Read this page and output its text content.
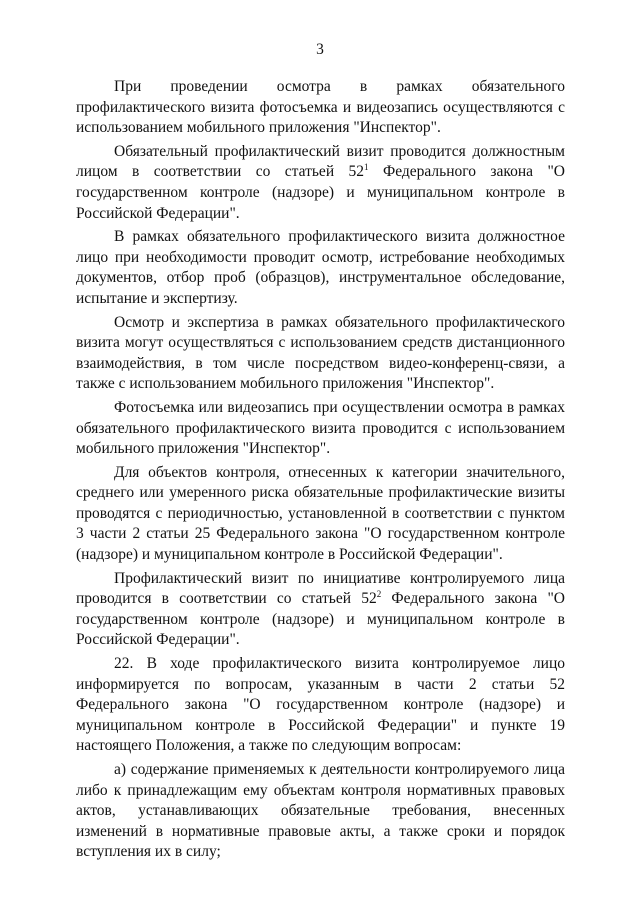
3

При проведении осмотра в рамках обязательного профилактического визита фотосъемка и видеозапись осуществляются с использованием мобильного приложения "Инспектор".

Обязательный профилактический визит проводится должностным лицом в соответствии со статьей $52^1$ Федерального закона "О государственном контроле (надзоре) и муниципальном контроле в Российской Федерации".

В рамках обязательного профилактического визита должностное лицо при необходимости проводит осмотр, истребование необходимых документов, отбор проб (образцов), инструментальное обследование, испытание и экспертизу.

Осмотр и экспертиза в рамках обязательного профилактического визита могут осуществляться с использованием средств дистанционного взаимодействия, в том числе посредством видео-конференц-связи, а также с использованием мобильного приложения "Инспектор".

Фотосъемка или видеозапись при осуществлении осмотра в рамках обязательного профилактического визита проводится с использованием мобильного приложения "Инспектор".

Для объектов контроля, отнесенных к категории значительного, среднего или умеренного риска обязательные профилактические визиты проводятся с периодичностью, установленной в соответствии с пунктом 3 части 2 статьи 25 Федерального закона "О государственном контроле (надзоре) и муниципальном контроле в Российской Федерации".

Профилактический визит по инициативе контролируемого лица проводится в соответствии со статьей $52^2$ Федерального закона "О государственном контроле (надзоре) и муниципальном контроле в Российской Федерации".

22. В ходе профилактического визита контролируемое лицо информируется по вопросам, указанным в части 2 статьи 52 Федерального закона "О государственном контроле (надзоре) и муниципальном контроле в Российской Федерации" и пункте 19 настоящего Положения, а также по следующим вопросам:

а) содержание применяемых к деятельности контролируемого лица либо к принадлежащим ему объектам контроля нормативных правовых актов, устанавливающих обязательные требования, внесенных изменений в нормативные правовые акты, а также сроки и порядок вступления их в силу;
